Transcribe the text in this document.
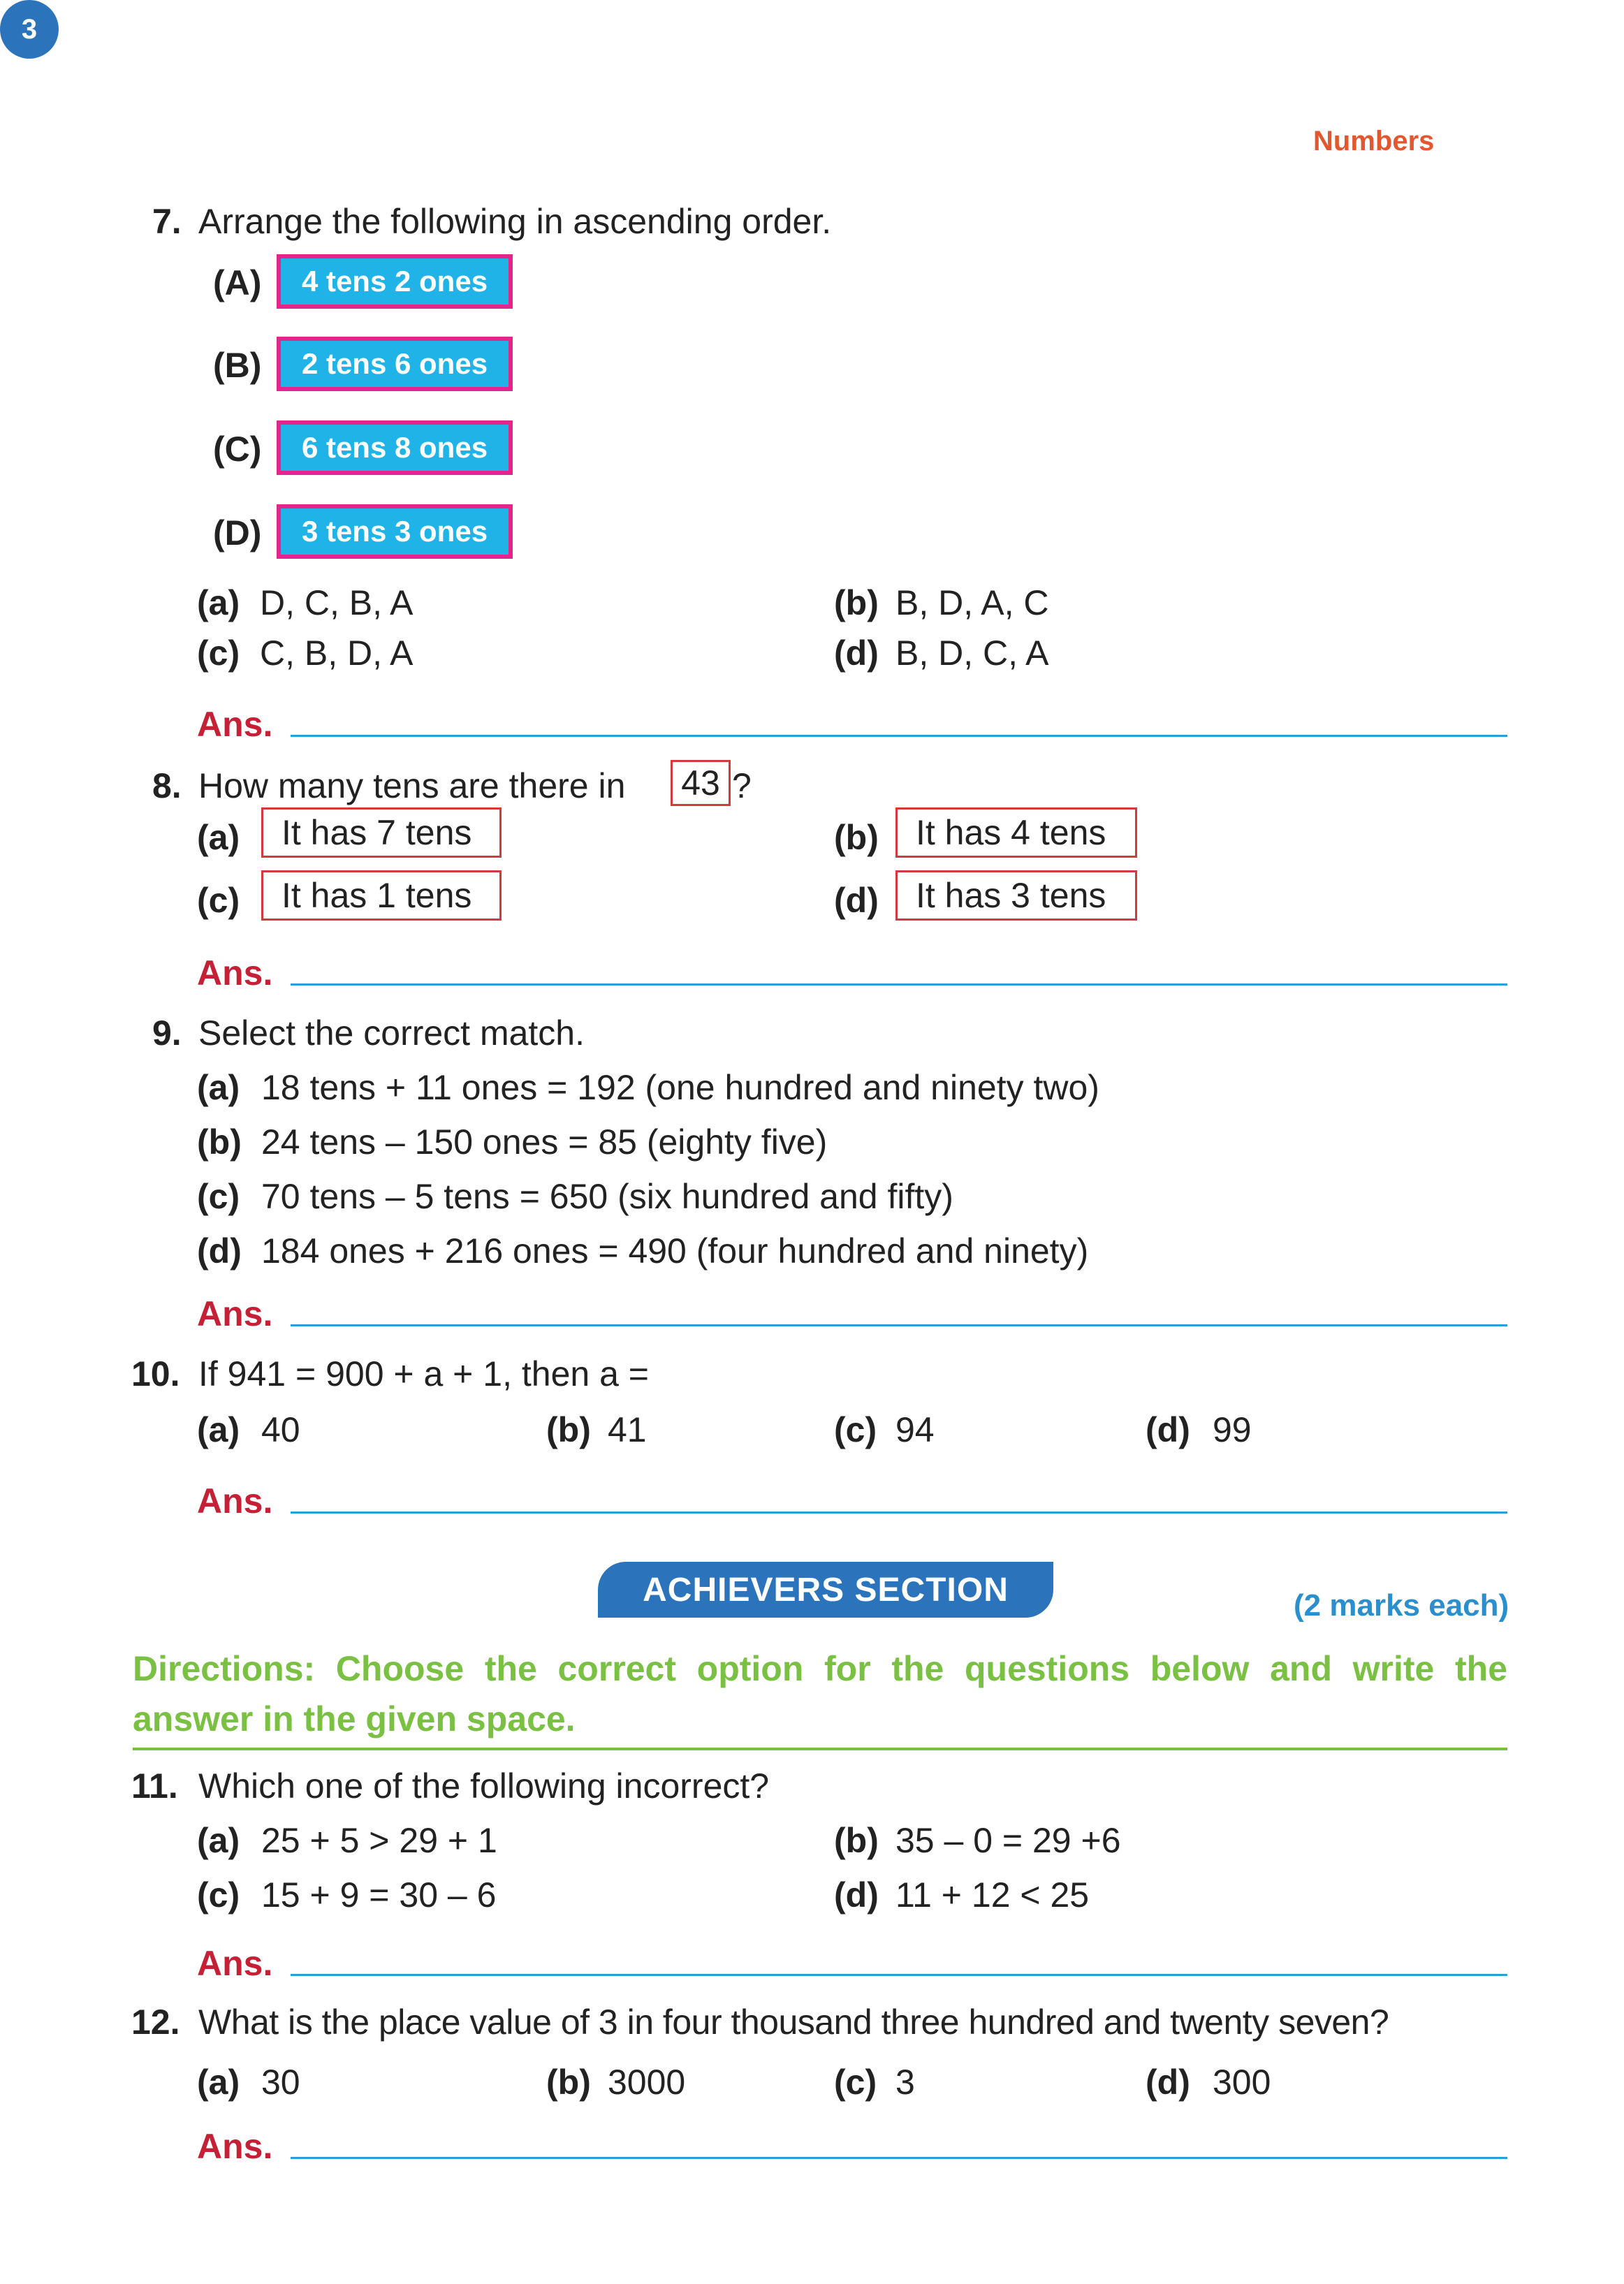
Numbers
3
7. Arrange the following in ascending order.
(A)	4 tens 2 ones
(B)	2 tens 6 ones
(C)	6 tens 8 ones
(D)	3 tens 3 ones
(a) D, C, B, A	(b) B, D, A, C
(c) C, B, D, A	(d) B, D, C, A
Ans.
8. How many tens are there in	43 ?
(a)	It has 7 tens	(b)	It has 4 tens
(c)	It has 1 tens	(d)	It has 3 tens
Ans.
9. Select the correct match.
(a) 18 tens + 11 ones = 192 (one hundred and ninety two)
(b) 24 tens – 150 ones = 85 (eighty five)
(c) 70 tens – 5 tens = 650 (six hundred and fifty)
(d) 184 ones + 216 ones = 490 (four hundred and ninety)
Ans.
10. If 941 = 900 + a + 1, then a =
(a) 40	(b) 41	(c) 94	(d) 99
Ans.
ACHIEVERS SECTION	(2 marks each)
Directions: Choose the correct option for the questions below and write the
answer in the given space.
11. Which one of the following incorrect?
(a) 25 + 5 > 29 + 1	(b) 35 – 0 = 29 +6
(c) 15 + 9 = 30 – 6	(d) 11 + 12 < 25
Ans.
12. What is the place value of 3 in four thousand three hundred and twenty seven?
(a) 30	(b) 3000	(c) 3	(d) 300
Ans.
